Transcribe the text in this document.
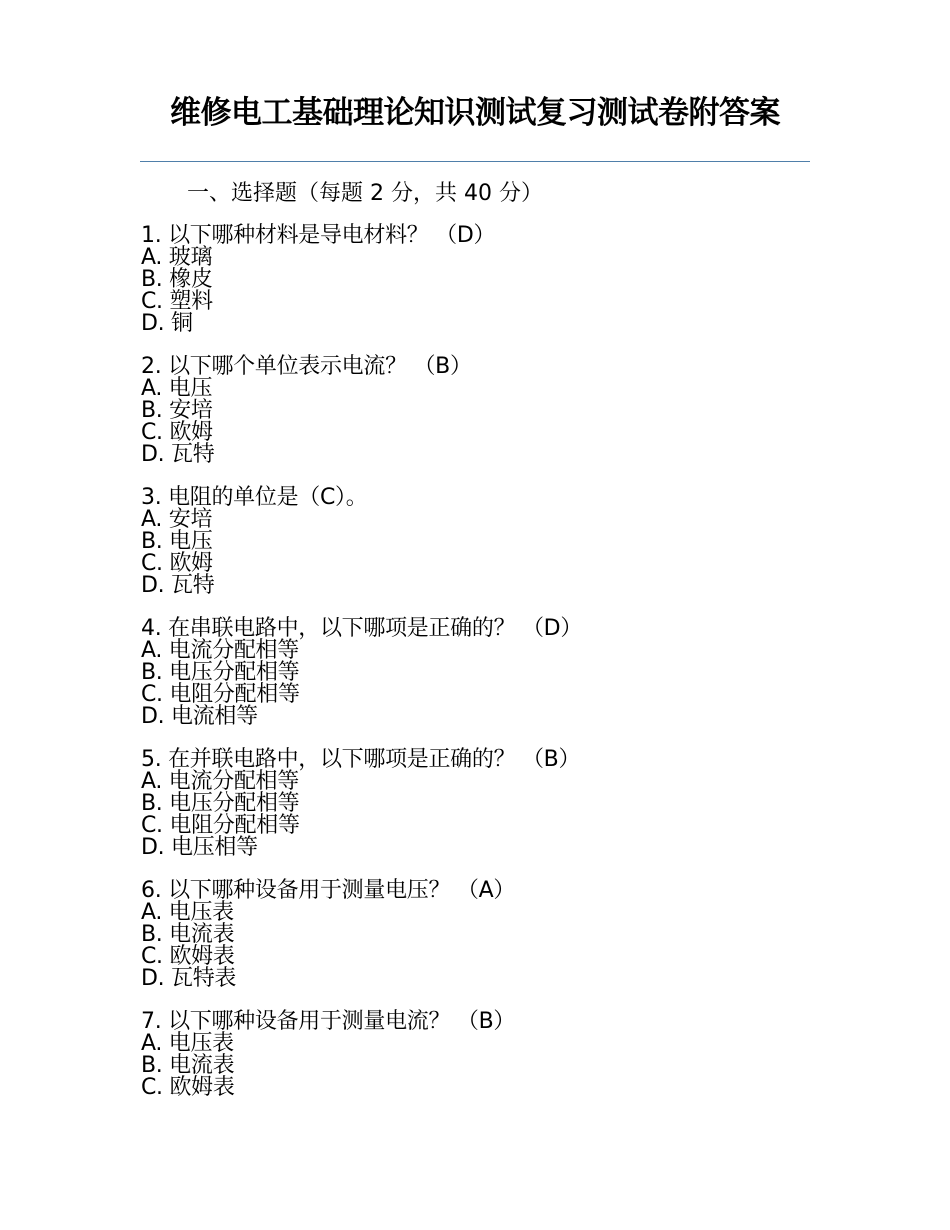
维修电工基础理论知识测试复习测试卷附答案
一、选择题（每题 2 分，共 40 分）
1. 以下哪种材料是导电材料？ （D）
A. 玻璃
B. 橡皮
C. 塑料
D. 铜
2. 以下哪个单位表示电流？ （B）
A. 电压
B. 安培
C. 欧姆
D. 瓦特
3. 电阻的单位是（C）。
A. 安培
B. 电压
C. 欧姆
D. 瓦特
4. 在串联电路中，以下哪项是正确的？ （D）
A. 电流分配相等
B. 电压分配相等
C. 电阻分配相等
D. 电流相等
5. 在并联电路中，以下哪项是正确的？ （B）
A. 电流分配相等
B. 电压分配相等
C. 电阻分配相等
D. 电压相等
6. 以下哪种设备用于测量电压？ （A）
A. 电压表
B. 电流表
C. 欧姆表
D. 瓦特表
7. 以下哪种设备用于测量电流？ （B）
A. 电压表
B. 电流表
C. 欧姆表
